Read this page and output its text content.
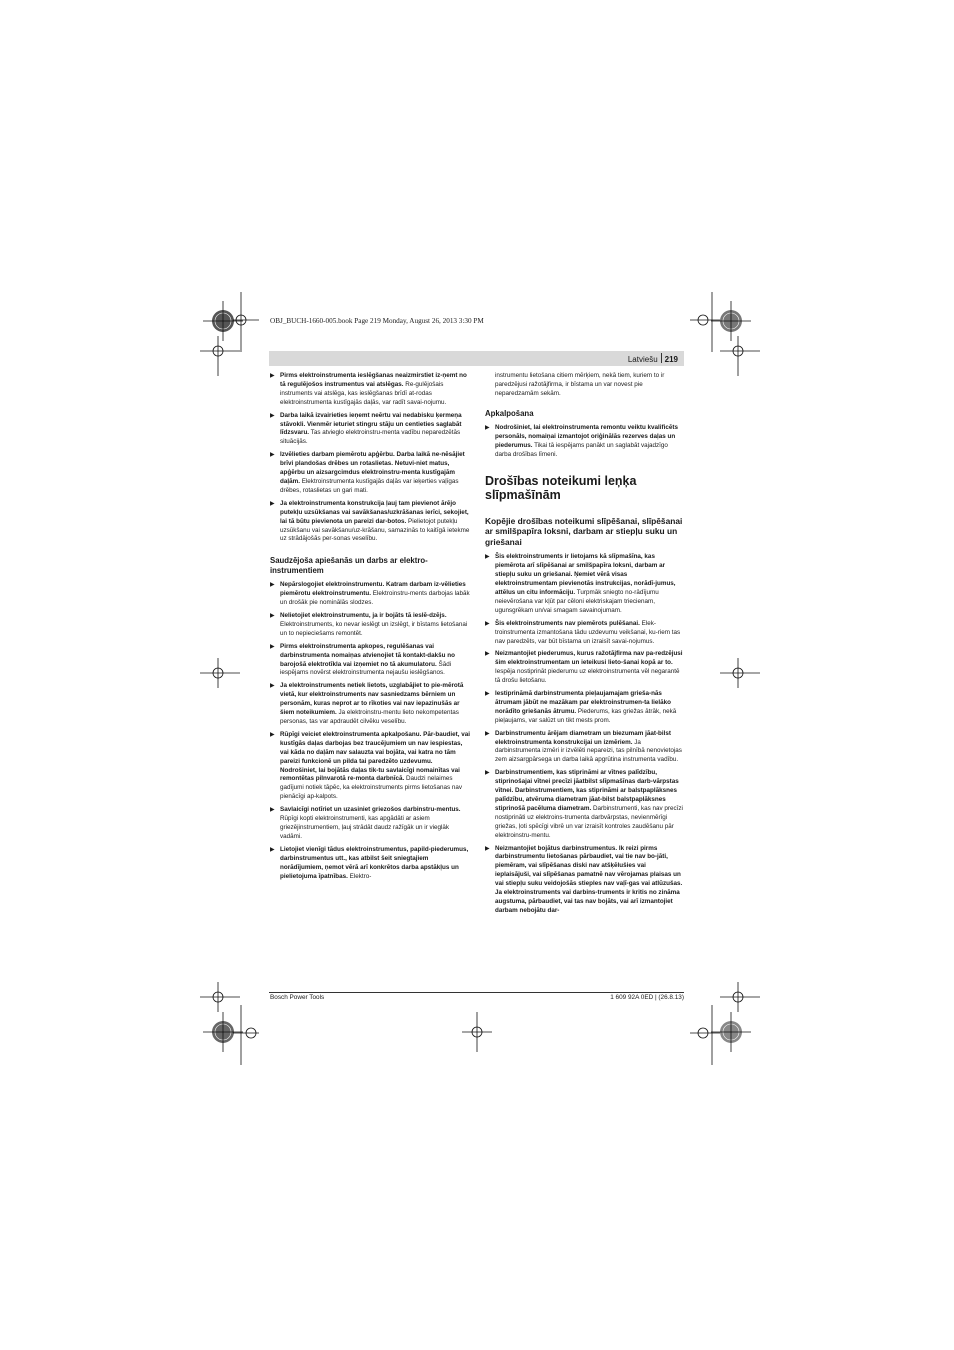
OBJ_BUCH-1660-005.book Page 219 Monday, August 26, 2013 3:30 PM
Latviešu 219
▶ Pirms elektroinstrumenta ieslēgšanas neaizmirstiet iz-ņemt no tā regulējošos instrumentus vai atslēgas. Re-gulējošais instruments vai atslēga, kas ieslēgšanas brīdī at-rodas elektroinstrumenta kustīgajās daļās, var radīt savai-nojumu.
▶ Darba laikā izvairieties ieņemt neērtu vai nedabisku ķermeņa stāvokli. Vienmēr ieturiet stingru stāju un centieties saglabāt līdzsvaru. Tas atvieglo elektroinstru-menta vadību neparedzētās situācijās.
▶ Izvēlieties darbam piemērotu apģērbu. Darba laikā ne-nēsājiet brīvi plandošas drēbes un rotaslietas. Netuvi-niet matus, apģērbu un aizsargcimdus elektroinstru-menta kustīgajām daļām. Elektroinstrumenta kustīgajās daļās var ieķerties vaļīgas drēbes, rotaslietas un gari mati.
▶ Ja elektroinstrumenta konstrukcija ļauj tam pievienot ārējo putekļu uzsūkšanas vai savākšanas/uzkrāšanas ierīci, sekojiet, lai tā būtu pievienota un pareizi dar-botos. Pielietojot putekļu uzsūkšanu vai savākšanu/uz-krāšanu, samazinās to kaitīgā ietekme uz strādājošās per-sonas veselību.
Saudzējoša apiešanās un darbs ar elektro-instrumentiem
▶ Nepārslogojiet elektroinstrumentu. Katram darbam iz-vēlieties piemērotu elektroinstrumentu. Elektroinstru-ments darbojas labāk un drošāk pie nominālās slodzes.
▶ Nelietojiet elektroinstrumentu, ja ir bojāts tā ieslē-dzējs. Elektroinstruments, ko nevar ieslēgt un izslēgt, ir bīstams lietošanai un to nepieciešams remontēt.
▶ Pirms elektroinstrumenta apkopes, regulēšanas vai darbinstrumenta nomaiņas atvienojiet tā kontakt-dakšu no barojošā elektrotīkla vai izņemiet no tā akumulatoru. Šādi iespējams novērst elektroinstrumenta nejaušu ieslēgšanos.
▶ Ja elektroinstruments netiek lietots, uzglabājiet to pie-mērotā vietā, kur elektroinstruments nav sasniedzams bērniem un personām, kuras neprot ar to rīkoties vai nav iepazinušās ar šiem noteikumiem. Ja elektroinstru-mentu lieto nekompetentas personas, tas var apdraudēt cilvēku veselību.
▶ Rūpīgi veiciet elektroinstrumenta apkalpošanu. Pār-baudiet, vai kustīgās daļas darbojas bez traucējumiem un nav iespiestas, vai kāda no daļām nav salauzta vai bojāta, vai katra no tām pareizi funkcionē un pilda tai paredzēto uzdevumu. Nodrošiniet, lai bojātās daļas tik-tu savlaicīgi nomainītas vai remontētas pilnvarotā re-monta darbnīcā. Daudzi nelaimes gadījumi notiek tāpēc, ka elektroinstruments pirms lietošanas nav pienācīgi ap-kalpots.
▶ Savlaicīgi notīriet un uzasiniet griezošos darbinstru-mentus. Rūpīgi kopti elektroinstrumenti, kas apgādāti ar asiem griezējinstrumentiem, ļauj strādāt daudz ražīgāk un ir vieglāk vadāmi.
▶ Lietojiet vienīgi tādus elektroinstrumentus, papild-piederumus, darbinstrumentus utt., kas atbilst šeit sniegtajiem norādījumiem, ņemot vērā arī konkrētos darba apstākļus un pielietojuma īpatnības. Elektro-
instrumentu lietošana citiem mērķiem, nekā tiem, kuriem to ir paredzējusi ražotājfirma, ir bīstama un var novest pie neparedzamām sekām.
Apkalpošana
▶ Nodrošiniet, lai elektroinstrumenta remontu veiktu kvalificēts personāls, nomaiņai izmantojot oriģinālās rezerves daļas un piederumus. Tikai tā iespējams panākt un saglabāt vajadzīgo darba drošības līmeni.
Drošības noteikumi leņķa slīpmašīnām
Kopējie drošības noteikumi slīpēšanai, slīpēšanai ar smilšpapīra loksni, darbam ar stiepļu suku un griešanai
▶ Šis elektroinstruments ir lietojams kā slīpmašīna, kas piemērota arī slīpēšanai ar smilšpapīra loksni, darbam ar stiepļu suku un griešanai. Ņemiet vērā visas elektroinstrumentam pievienotās instrukcijas, norādī-jumus, attēlus un citu informāciju. Turpmāk sniegto no-rādījumu neievērošana var kļūt par cēloni elektriskajam triecienam, ugunsgrēkam un/vai smagam savainojumam.
▶ Šis elektroinstruments nav piemērots pulēšanai. Elek-troinstrumenta izmantošana tādu uzdevumu veikšanai, ku-riem tas nav paredzēts, var būt bīstama un izraisīt savai-nojumus.
▶ Neizmantojiet piederumus, kurus ražotājfirma nav pa-redzējusi šim elektroinstrumentam un ieteikusi lieto-šanai kopā ar to. Iespēja nostiprināt piederumu uz elektroinstrumenta vēl negarantē tā drošu lietošanu.
▶ Iestiprināmā darbinstrumenta pieļaujamajam grieša-nās ātrumam jābūt ne mazākam par elektroinstrumen-ta lielāko norādīto griešanās ātrumu. Piederums, kas griežas ātrāk, nekā pieļaujams, var salūzt un tikt mests prom.
▶ Darbinstrumentu ārējam diametram un biezumam jāat-bilst elektroinstrumenta konstrukcijai un izmēriem. Ja darbinstrumenta izmēri ir izvēlēti nepareizi, tas pilnībā nenovietojas zem aizsargpārsega un darba laikā apgrūtina instrumenta vadību.
▶ Darbinstrumentiem, kas stiprināmi ar vītnes palīdzību, stiprinošajai vītnei precīzi jāatbilst slīpmašīnas darb-vārpstas vītnei. Darbinstrumentiem, kas stiprināmi ar balstpaplāksnes palīdzību, atvēruma diametram jāat-bilst balstpaplāksnes stiprinošā pacēluma diametram. Darbinstrumenti, kas nav precīzi nostiprināti uz elektroins-trumenta darbvārpstas, nevienmērīgi griežas, ļoti spēcīgi vibrē un var izraisīt kontroles zaudēšanu pār elektroinstru-mentu.
▶ Neizmantojiet bojātus darbinstrumentus. Ik reizi pirms darbinstrumentu lietošanas pārbaudiet, vai tie nav bo-jāti, piemēram, vai slīpēšanas diski nav atšķēlušies vai ieplaisājuši, vai slīpēšanas pamatnē nav vērojamas plaisas un vai stiepļu suku veidojošās stieples nav vaļī-gas vai atlūzušas. Ja elektroinstruments vai darbins-truments ir kritis no zināma augstuma, pārbaudiet, vai tas nav bojāts, vai arī izmantojiet darbam nebojātu dar-
Bosch Power Tools	1 609 92A 0ED | (26.8.13)
